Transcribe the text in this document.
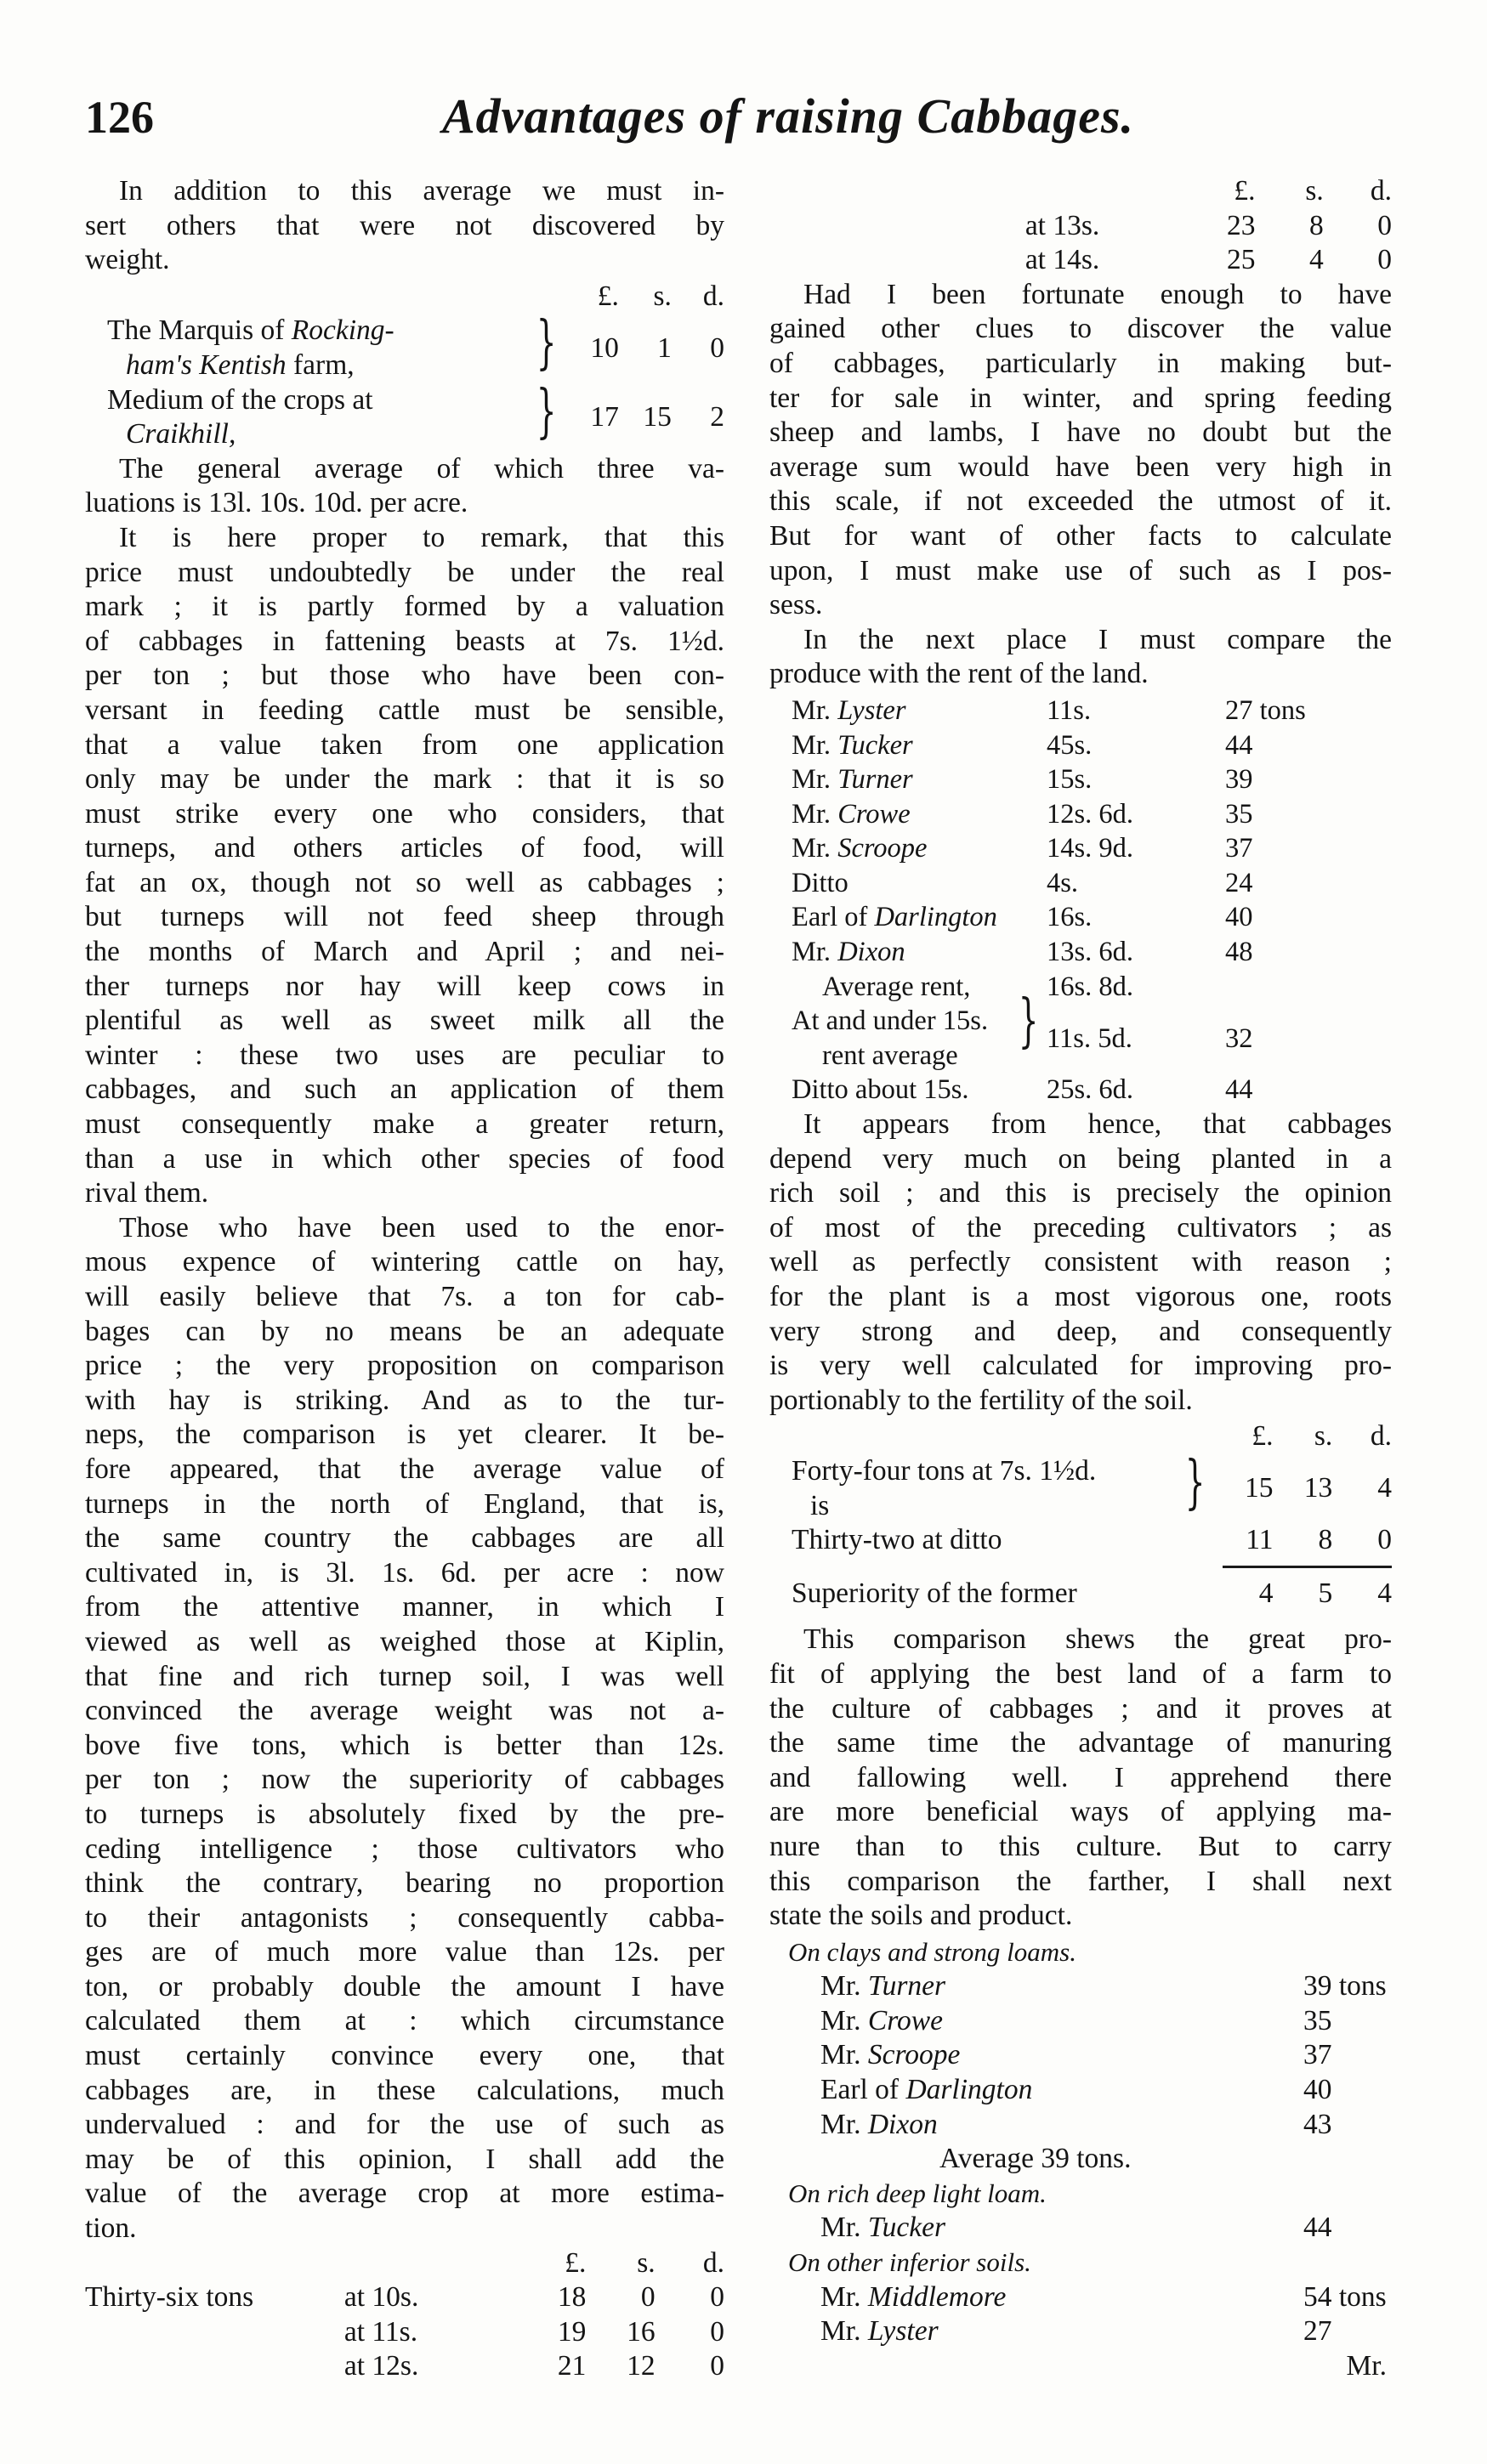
126	Advantages of raising Cabbages.
In addition to this average we must in-
sert others that were not discovered by
weight.
		£.	s.	d.
The Marquis of Rocking-
ham's Kentish farm,	}	10	1	0
Medium of the crops at
Craikhill,	}	17	15	2
The general average of which three va-
luations is 13l. 10s. 10d. per acre.
It is here proper to remark, that this
price must undoubtedly be under the real
mark ; it is partly formed by a valuation
of cabbages in fattening beasts at 7s. 1½d.
per ton ; but those who have been con-
versant in feeding cattle must be sensible,
that a value taken from one application
only may be under the mark : that it is so
must strike every one who considers, that
turneps, and others articles of food, will
fat an ox, though not so well as cabbages ;
but turneps will not feed sheep through
the months of March and April ; and nei-
ther turneps nor hay will keep cows in
plentiful as well as sweet milk all the
winter : these two uses are peculiar to
cabbages, and such an application of them
must consequently make a greater return,
than a use in which other species of food
rival them.
Those who have been used to the enor-
mous expence of wintering cattle on hay,
will easily believe that 7s. a ton for cab-
bages can by no means be an adequate
price ; the very proposition on comparison
with hay is striking. And as to the tur-
neps, the comparison is yet clearer. It be-
fore appeared, that the average value of
turneps in the north of England, that is,
the same country the cabbages are all
cultivated in, is 3l. 1s. 6d. per acre : now
from the attentive manner, in which I
viewed as well as weighed those at Kiplin,
that fine and rich turnep soil, I was well
convinced the average weight was not a-
bove five tons, which is better than 12s.
per ton ; now the superiority of cabbages
to turneps is absolutely fixed by the pre-
ceding intelligence ; those cultivators who
think the contrary, bearing no proportion
to their antagonists ; consequently cabba-
ges are of much more value than 12s. per
ton, or probably double the amount I have
calculated them at : which circumstance
must certainly convince every one, that
cabbages are, in these calculations, much
undervalued : and for the use of such as
may be of this opinion, I shall add the
value of the average crop at more estima-
tion.
		£.	s.	d.
Thirty-six tons	at 10s.	18	0	0
	at 11s.	19	16	0
	at 12s.	21	12	0
		£.	s.	d.
	at 13s.	23	8	0
	at 14s.	25	4	0
Had I been fortunate enough to have
gained other clues to discover the value
of cabbages, particularly in making but-
ter for sale in winter, and spring feeding
sheep and lambs, I have no doubt but the
average sum would have been very high in
this scale, if not exceeded the utmost of it.
But for want of other facts to calculate
upon, I must make use of such as I pos-
sess.
In the next place I must compare the
produce with the rent of the land.
Mr. Lyster	11s.	27 tons
Mr. Tucker	45s.	44
Mr. Turner	15s.	39
Mr. Crowe	12s. 6d.	35
Mr. Scroope	14s. 9d.	37
Ditto	4s.	24
Earl of Darlington	16s.	40
Mr. Dixon	13s. 6d.	48
Average rent,	16s. 8d.	
At and under 15s.
rent average
}	11s. 5d.	32
Ditto about 15s.	25s. 6d.	44
It appears from hence, that cabbages
depend very much on being planted in a
rich soil ; and this is precisely the opinion
of most of the preceding cultivators ; as
well as perfectly consistent with reason ;
for the plant is a most vigorous one, roots
very strong and deep, and consequently
is very well calculated for improving pro-
portionably to the fertility of the soil.
		£.	s.	d.
Forty-four tons at 7s. 1½d.
is	}	15	13	4
Thirty-two at ditto		11	8	0

Superiority of the former		4	5	4
This comparison shews the great pro-
fit of applying the best land of a farm to
the culture of cabbages ; and it proves at
the same time the advantage of manuring
and fallowing well. I apprehend there
are more beneficial ways of applying ma-
nure than to this culture. But to carry
this comparison the farther, I shall next
state the soils and product.
On clays and strong loams.
Mr. Turner	39 tons
Mr. Crowe	35
Mr. Scroope	37
Earl of Darlington	40
Mr. Dixon	43
Average 39 tons.
On rich deep light loam.
Mr. Tucker	44
On other inferior soils.
Mr. Middlemore	54 tons
Mr. Lyster	27
Mr.
